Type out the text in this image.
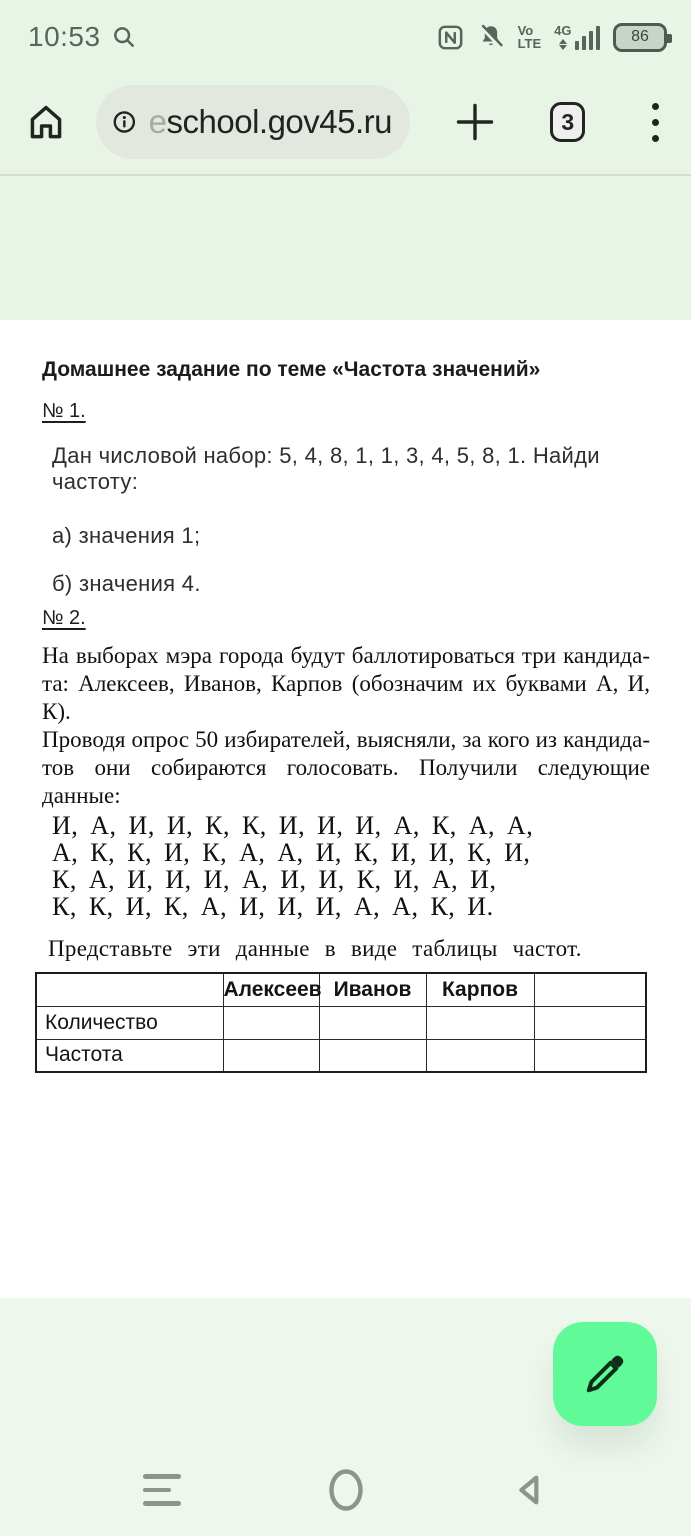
10:53	Vo
LTE
4G	86
eschool.gov45.ru	3
Домашнее задание по теме «Частота значений»
№ 1.
Дан числовой набор: 5, 4, 8, 1, 1, 3, 4, 5, 8, 1. Найди частоту:
а) значения 1;
б) значения 4.
№ 2.
На выборах мэра города будут баллотироваться три кандида-
та: Алексеев, Иванов, Карпов (обозначим их буквами А, И, К).
Проводя опрос 50 избирателей, выясняли, за кого из кандида-
тов они собираются голосовать. Получили следующие данные:
И, А, И, И, К, К, И, И, И, А, К, А, А,
А, К, К, И, К, А, А, И, К, И, И, К, И,
К, А, И, И, И, А, И, И, К, И, А, И,
К, К, И, К, А, И, И, И, А, А, К, И.
Представьте эти данные в виде таблицы частот.
	Алексеев	Иванов	Карпов	
Количество				
Частота				
